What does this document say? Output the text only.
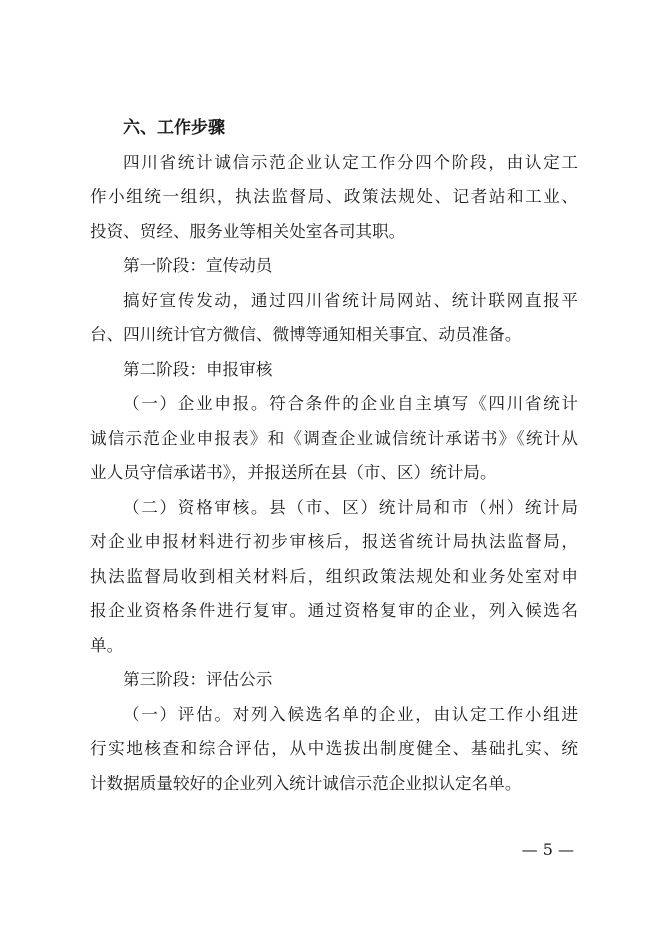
六、工作步骤
四川省统计诚信示范企业认定工作分四个阶段，由认定工
作小组统一组织，执法监督局、政策法规处、记者站和工业、
投资、贸经、服务业等相关处室各司其职。
第一阶段：宣传动员
搞好宣传发动，通过四川省统计局网站、统计联网直报平
台、四川统计官方微信、微博等通知相关事宜、动员准备。
第二阶段：申报审核
（一）企业申报。符合条件的企业自主填写《四川省统计
诚信示范企业申报表》和《调查企业诚信统计承诺书》《统计从
业人员守信承诺书》，并报送所在县（市、区）统计局。
（二）资格审核。县（市、区）统计局和市（州）统计局
对企业申报材料进行初步审核后，报送省统计局执法监督局，
执法监督局收到相关材料后，组织政策法规处和业务处室对申
报企业资格条件进行复审。通过资格复审的企业，列入候选名
单。
第三阶段：评估公示
（一）评估。对列入候选名单的企业，由认定工作小组进
行实地核查和综合评估，从中选拔出制度健全、基础扎实、统
计数据质量较好的企业列入统计诚信示范企业拟认定名单。
— 5 —
